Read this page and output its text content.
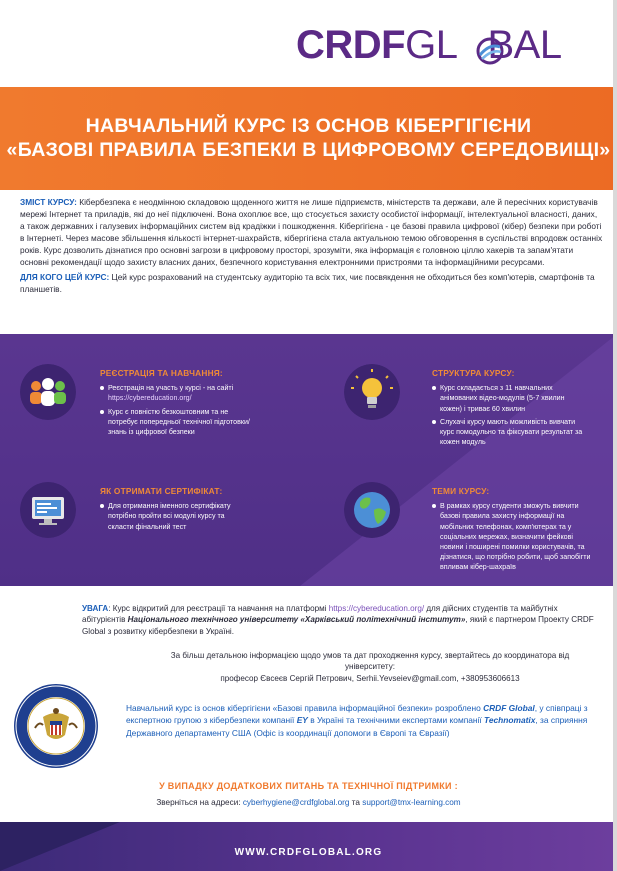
CRDFGL BAL
НАВЧАЛЬНИЙ КУРС ІЗ ОСНОВ КІБЕРГІГІЄНИ
«БАЗОВІ ПРАВИЛА БЕЗПЕКИ В ЦИФРОВОМУ СЕРЕДОВИЩІ»

ЗМІСТ КУРСУ: Кібербезпека є неодмінною складовою щоденного життя не лише підприємств, міністерств та держави, але й пересічних користувачів мережі Інтернет та приладів, які до неї підключені. Вона охоплює все, що стосується захисту особистої інформації, інтелектуальної власності, даних, а також державних і галузевих інформаційних систем від крадіжки і пошкодження. Кібергігієна - це базові правила цифрової (кібер) безпеки при роботі в Інтернеті. Через масове збільшення кількості інтернет-шахрайств, кібергігієна стала актуальною темою обговорення в суспільстві впродовж останніх років. Курс дозволить дізнатися про основні загрози в цифровому просторі, зрозуміти, яка інформація є головною ціллю хакерів та запам'ятати основні рекомендації щодо захисту власних даних, безпечного користування електронними пристроями та інформаційними ресурсами.

ДЛЯ КОГО ЦЕЙ КУРС: Цей курс розрахований на студентську аудиторію та всіх тих, чиє посвякдення не обходиться без комп'ютерів, смартфонів та планшетів.

РЕЄСТРАЦІЯ ТА НАВЧАННЯ:
Реєстрація на участь у курсі - на сайті
https://cybereducation.org/
Курс є повністю безкоштовним та не потребує попередньої технічної підготовки/знань із цифрової безпеки
СТРУКТУРА КУРСУ:
Курс складається з 11 навчальних анімованих відео-модулів (5-7 хвилин кожен) і триває 60 хвилин
Слухачі курсу мають можливість вивчати курс помодульно та фіксувати результат за кожен модуль
ЯК ОТРИМАТИ СЕРТИФІКАТ:
Для отримання іменного сертифікату потрібно пройти всі модулі курсу та скласти фінальний тест
ТЕМИ КУРСУ:
В рамках курсу студенти зможуть вивчити базові правила захисту інформації на мобільних телефонах, комп'ютерах та у соціальних мережах, визначити фейкові новини і поширені помилки користувачів, та дізнатися, що потрібно робити, щоб запобігти впливам кібер-шахраїв
УВАГА: Курс відкритий для реєстрації та навчання на платформі https://cybereducation.org/ для дійсних студентів та майбутніх абітурієнтів Національного технічного університету «Харківський політехнічний інститут», який є партнером Проекту CRDF Global з розвитку кібербезпеки в Україні.
За більш детальною інформацією щодо умов та дат проходження курсу, звертайтесь до координатора від університету:
професор Євсеєв Сергій Петрович, Serhii.Yevseiev@gmail.com, +380953606613
Навчальний курс із основ кібергігієни «Базові правила інформаційної безпеки» розроблено CRDF Global, у співпраці з експертною групою з кібербезпеки компанії EY в Україні та технічними експертами компанії Technomatix, за сприяння Державного департаменту США (Офіс із координації допомоги в Європі та Євразії)
У ВИПАДКУ ДОДАТКОВИХ ПИТАНЬ ТА ТЕХНІЧНОЇ ПІДТРИМКИ :
Зверніться на адреси: cyberhygiene@crdfglobal.org та support@tmx-learning.com
WWW.CRDFGLOBAL.ORG
